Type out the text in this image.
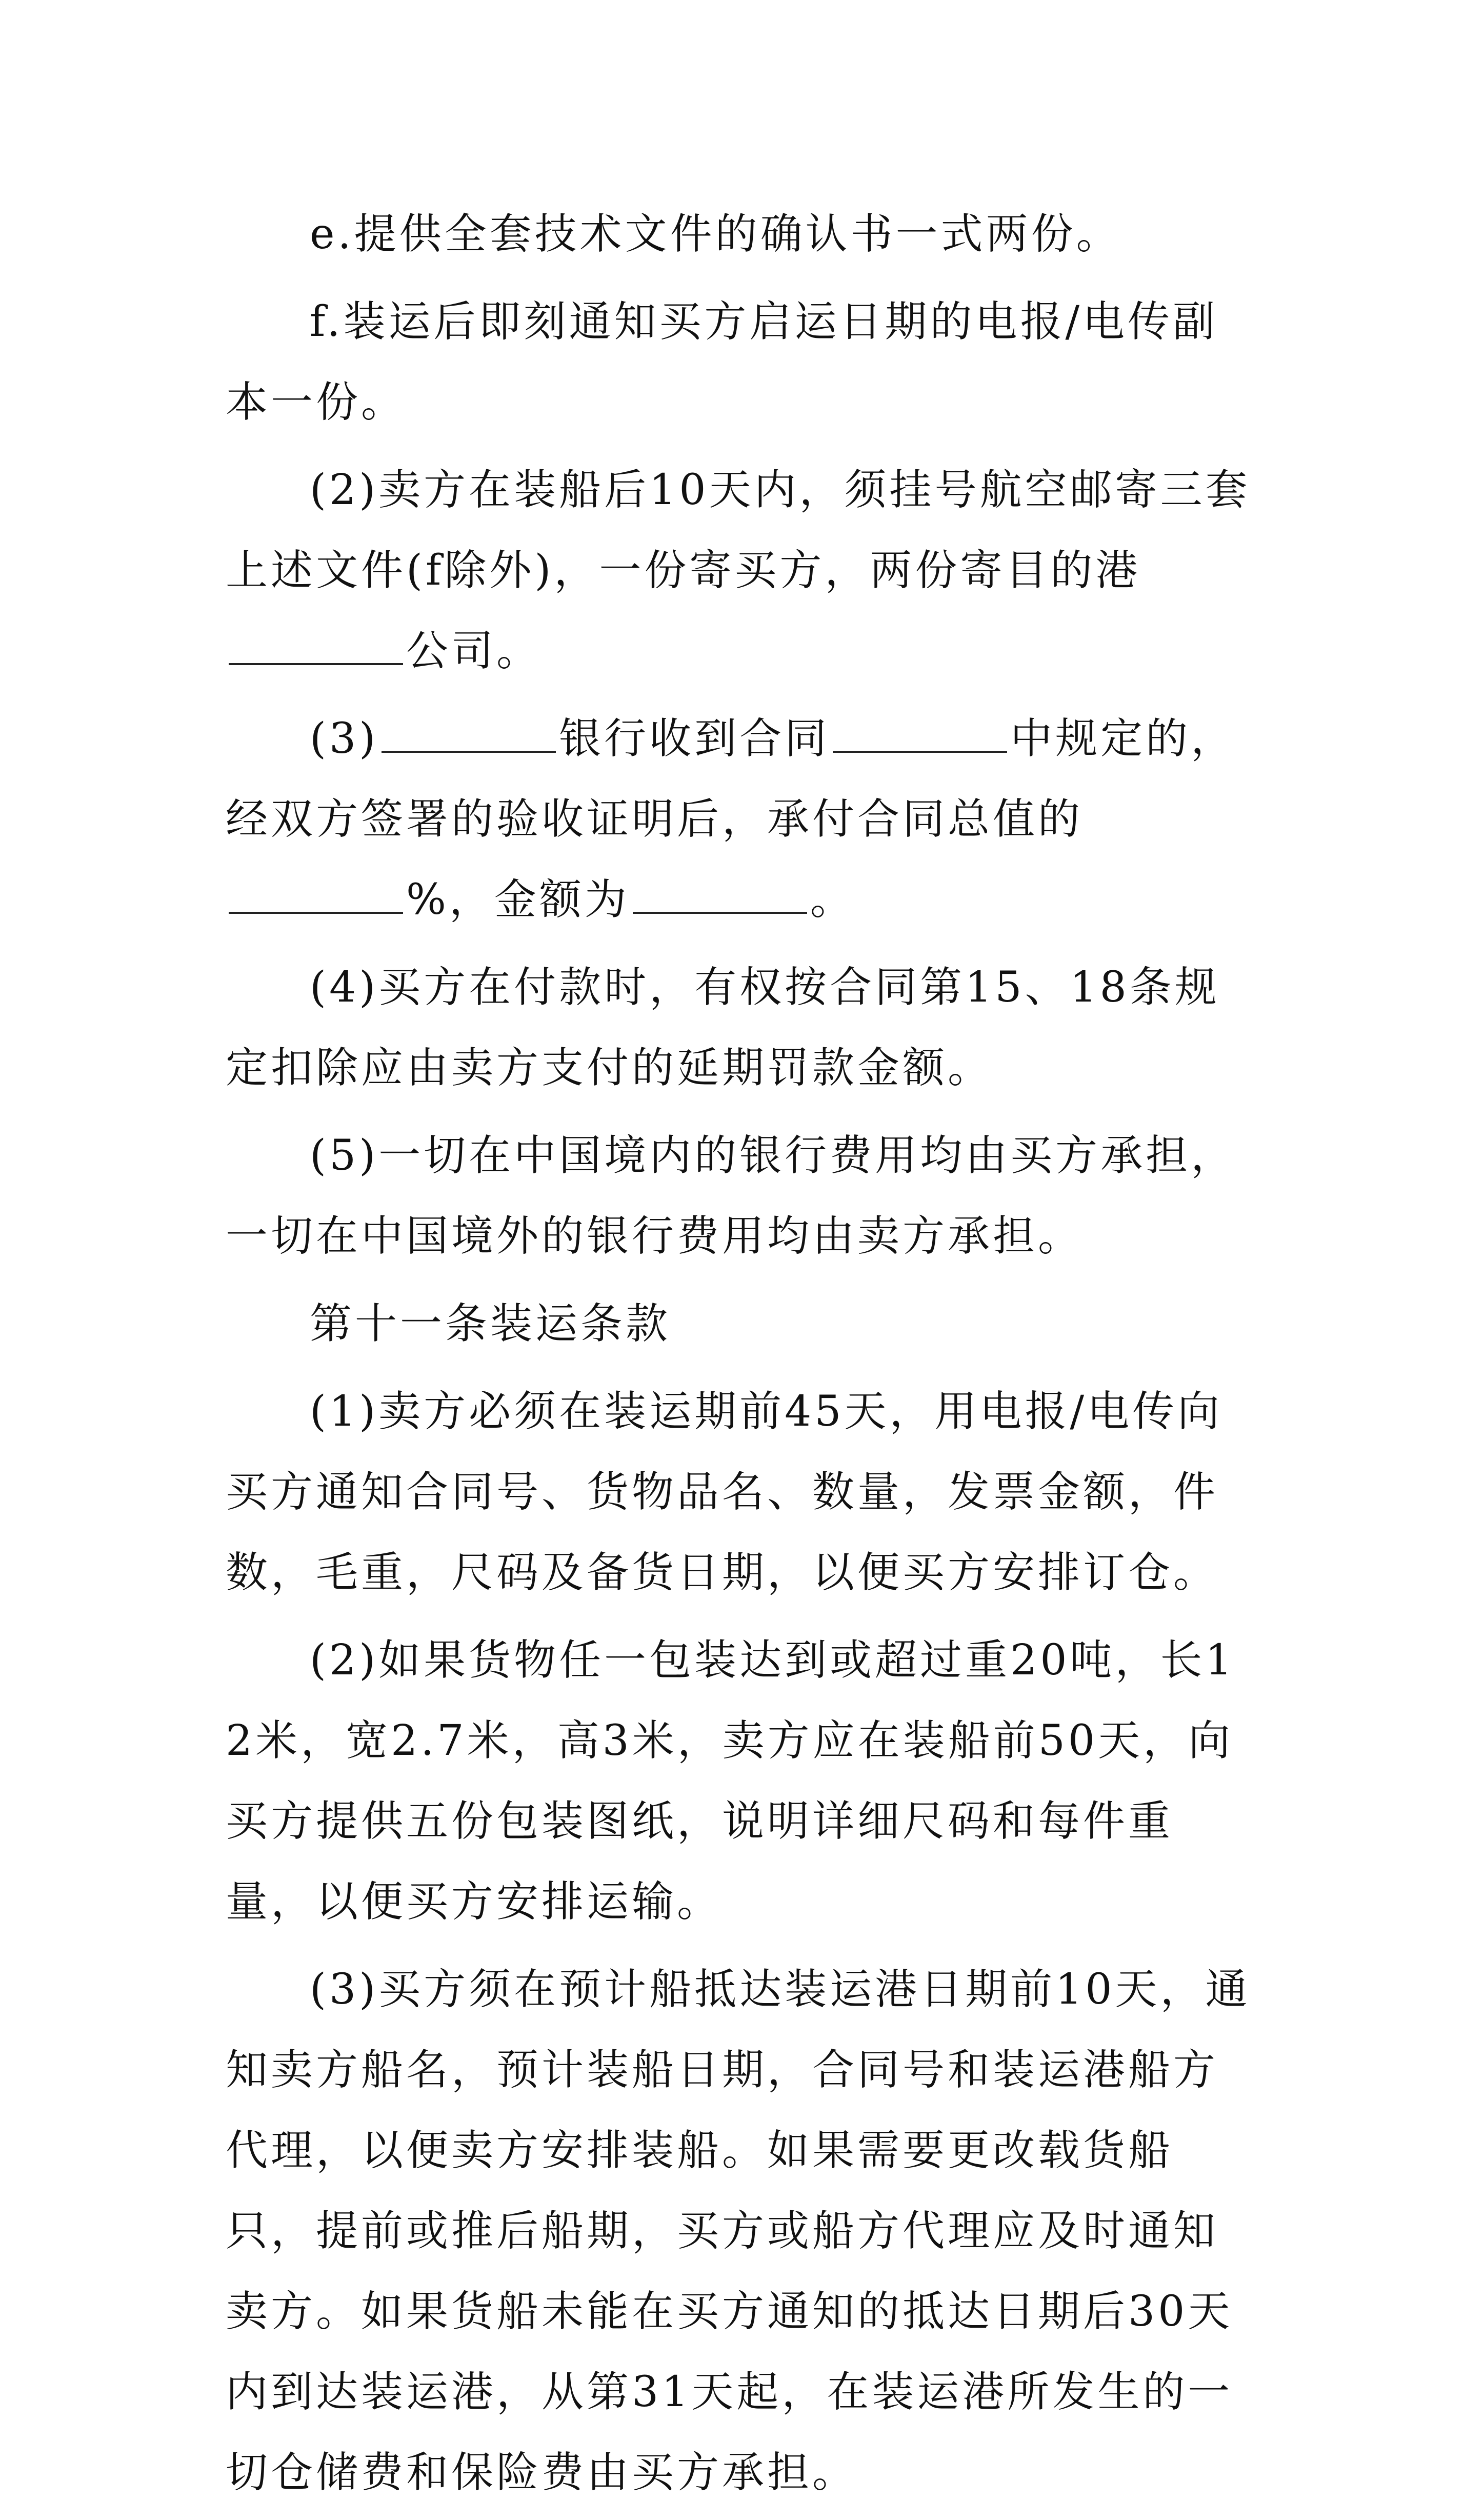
e.提供全套技术文件的确认书一式两份。

f.装运后即刻通知买方启运日期的电报/电传副本一份。

(2)卖方在装船后10天内，须挂号航空邮寄三套上述文件(f除外)，一份寄买方，两份寄目的港公司。

(3)	银行收到合同	中规定的，经双方签署的验收证明后，承付合同总值的%，金额为	。

(4)买方在付款时，有权按合同第15、18条规定扣除应由卖方支付的延期罚款金额。

(5)一切在中国境内的银行费用均由买方承担，一切在中国境外的银行费用均由卖方承担。

第十一条装运条款

(1)卖方必须在装运期前45天，用电报/电传向买方通知合同号、货物品名、数量，发票金额，件数，毛重，尺码及备货日期，以便买方安排订仓。

(2)如果货物任一包装达到或超过重20吨，长12米，宽2.7米，高3米，卖方应在装船前50天，向买方提供五份包装图纸，说明详细尺码和每件重量，以便买方安排运输。

(3)买方须在预计船抵达装运港日期前10天，通知卖方船名，预计装船日期，合同号和装运港船方代理，以便卖方安排装船。如果需要更改载货船只，提前或推后船期，买方或船方代理应及时通知卖方。如果货船未能在买方通知的抵达日期后30天内到达装运港，从第31天起，在装运港所发生的一切仓储费和保险费由买方承担。
